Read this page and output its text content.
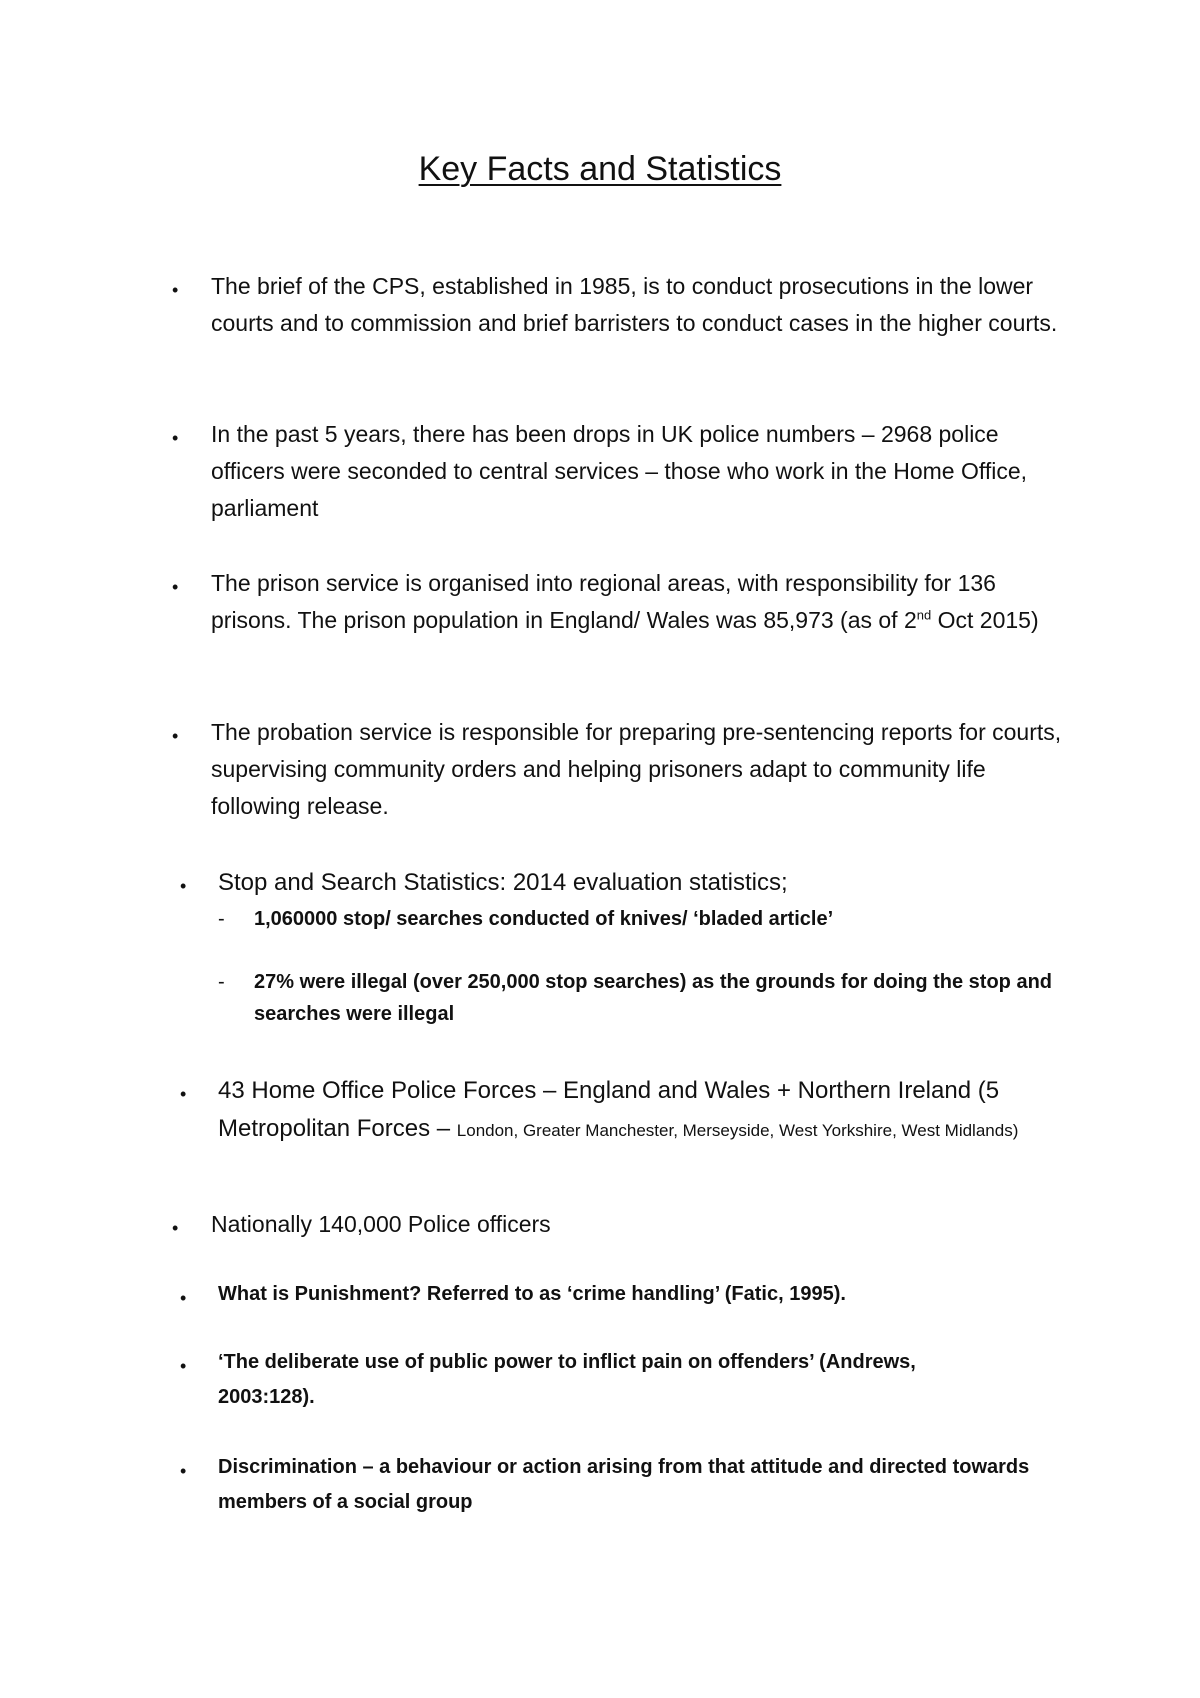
Key Facts and Statistics
• The brief of the CPS, established in 1985, is to conduct prosecutions in the lower courts and to commission and brief barristers to conduct cases in the higher courts.
• In the past 5 years, there has been drops in UK police numbers – 2968 police officers were seconded to central services – those who work in the Home Office, parliament
• The prison service is organised into regional areas, with responsibility for 136 prisons. The prison population in England/ Wales was 85,973 (as of 2nd Oct 2015)
• The probation service is responsible for preparing pre-sentencing reports for courts, supervising community orders and helping prisoners adapt to community life following release.
• Stop and Search Statistics: 2014 evaluation statistics;
- 1,060000 stop/ searches conducted of knives/ ‘bladed article’
- 27% were illegal (over 250,000 stop searches) as the grounds for doing the stop and searches were illegal
• 43 Home Office Police Forces – England and Wales + Northern Ireland (5 Metropolitan Forces – London, Greater Manchester, Merseyside, West Yorkshire, West Midlands)
• Nationally 140,000 Police officers
• What is Punishment? Referred to as ‘crime handling’ (Fatic, 1995).
• ‘The deliberate use of public power to inflict pain on offenders’ (Andrews, 2003:128).
• Discrimination – a behaviour or action arising from that attitude and directed towards members of a social group
